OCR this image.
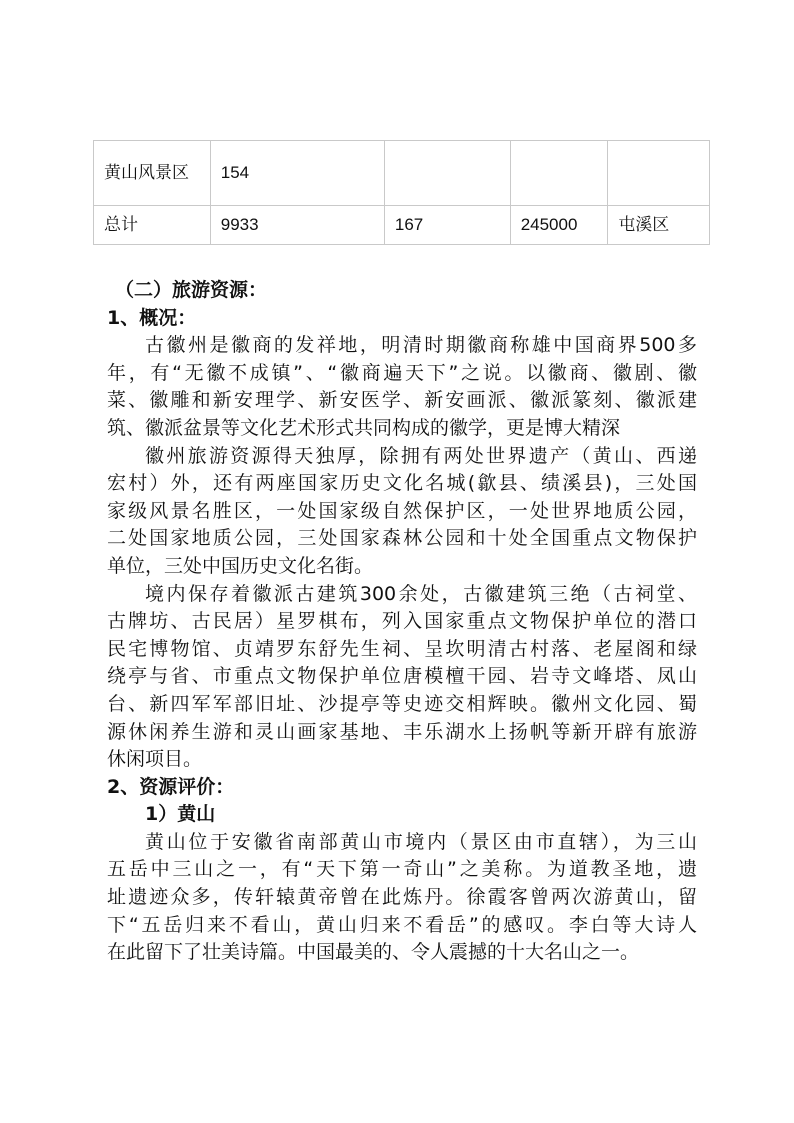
黄山风景区	154			
总计	9933	167	245000	屯溪区

（二）旅游资源：

1、概况：

古徽州是徽商的发祥地，明清时期徽商称雄中国商界500多

年，有“无徽不成镇”、“徽商遍天下”之说。以徽商、徽剧、徽

菜、徽雕和新安理学、新安医学、新安画派、徽派篆刻、徽派建

筑、徽派盆景等文化艺术形式共同构成的徽学，更是博大精深

徽州旅游资源得天独厚，除拥有两处世界遗产（黄山、西递

宏村）外，还有两座国家历史文化名城(歙县、绩溪县)，三处国

家级风景名胜区，一处国家级自然保护区，一处世界地质公园，

二处国家地质公园，三处国家森林公园和十处全国重点文物保护

单位，三处中国历史文化名街。

境内保存着徽派古建筑300余处，古徽建筑三绝（古祠堂、

古牌坊、古民居）星罗棋布，列入国家重点文物保护单位的潜口

民宅博物馆、贞靖罗东舒先生祠、呈坎明清古村落、老屋阁和绿

绕亭与省、市重点文物保护单位唐模檀干园、岩寺文峰塔、凤山

台、新四军军部旧址、沙提亭等史迹交相辉映。徽州文化园、蜀

源休闲养生游和灵山画家基地、丰乐湖水上扬帆等新开辟有旅游

休闲项目。

2、资源评价：

1）黄山

黄山位于安徽省南部黄山市境内（景区由市直辖），为三山

五岳中三山之一，有“天下第一奇山”之美称。为道教圣地，遗

址遗迹众多，传轩辕黄帝曾在此炼丹。徐霞客曾两次游黄山，留

下“五岳归来不看山，黄山归来不看岳”的感叹。李白等大诗人

在此留下了壮美诗篇。中国最美的、令人震撼的十大名山之一。
